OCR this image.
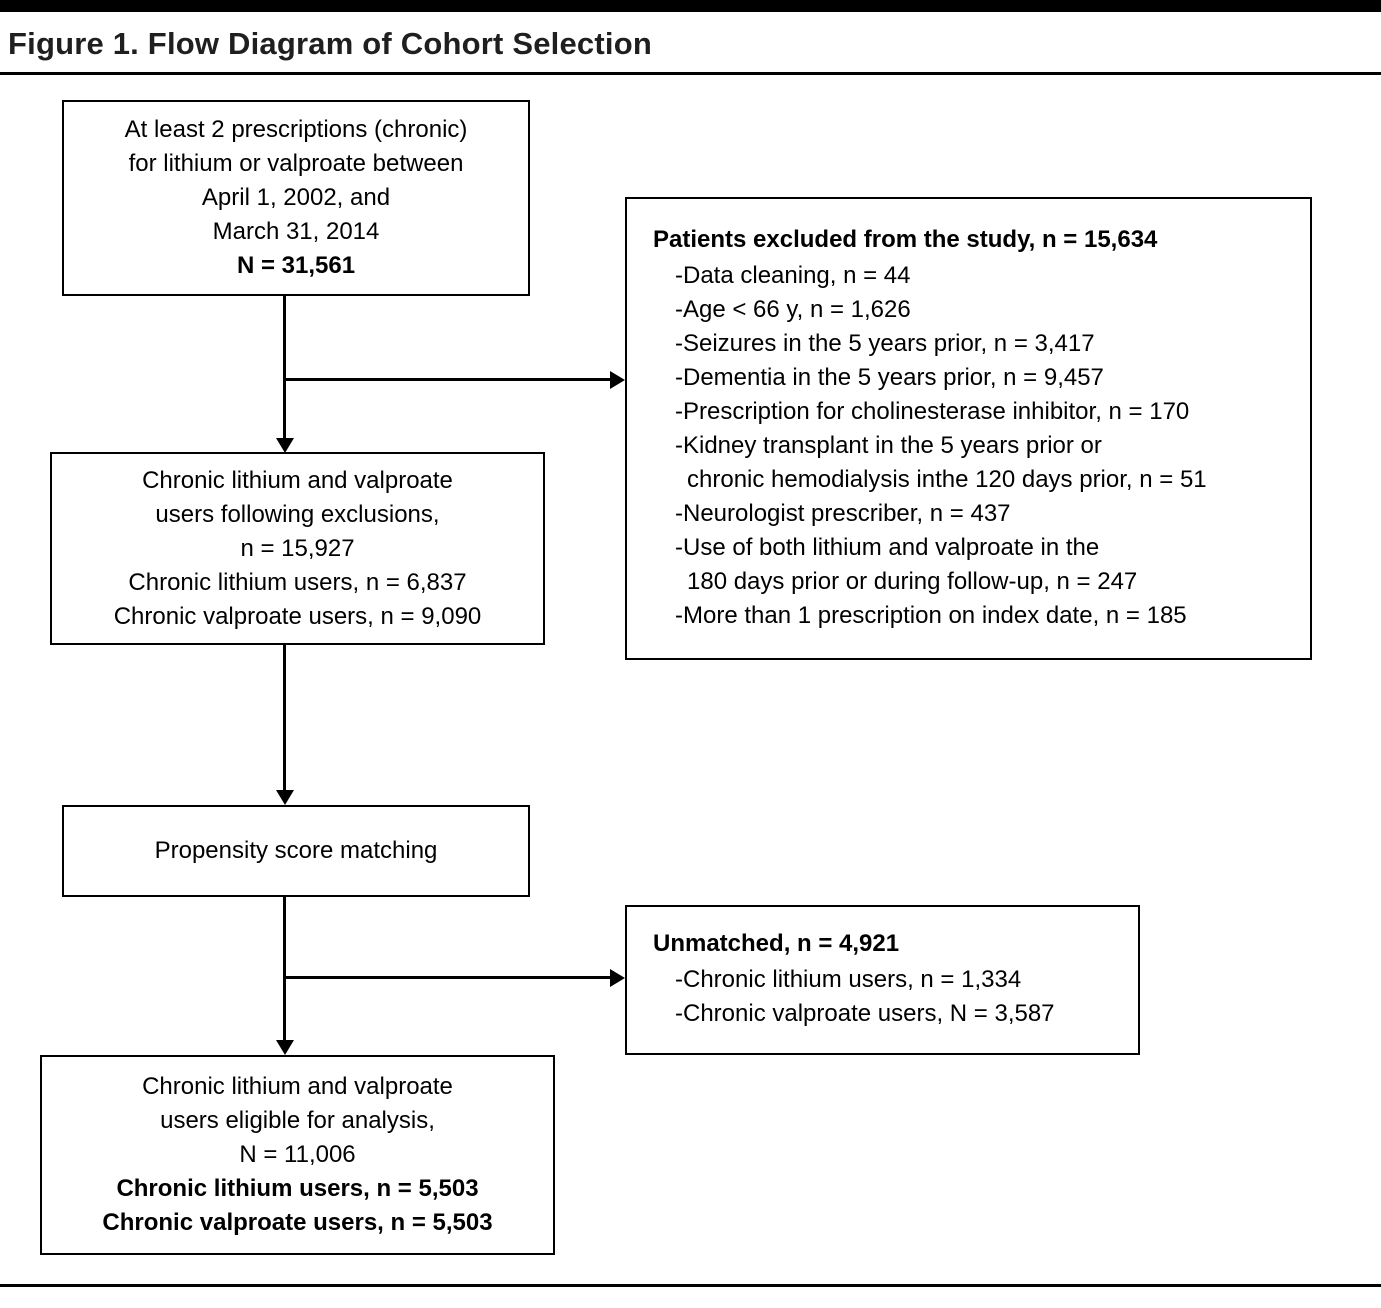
Figure 1. Flow Diagram of Cohort Selection
At least 2 prescriptions (chronic)
for lithium or valproate between
April 1, 2002, and
March 31, 2014
N = 31,561
Patients excluded from the study, n = 15,634
-Data cleaning, n = 44
-Age < 66 y, n = 1,626
-Seizures in the 5 years prior, n = 3,417
-Dementia in the 5 years prior, n = 9,457
-Prescription for cholinesterase inhibitor, n = 170
-Kidney transplant in the 5 years prior or
chronic hemodialysis inthe 120 days prior, n = 51
-Neurologist prescriber, n = 437
-Use of both lithium and valproate in the
180 days prior or during follow-up, n = 247
-More than 1 prescription on index date, n = 185
Chronic lithium and valproate
users following exclusions,
n = 15,927
Chronic lithium users, n = 6,837
Chronic valproate users, n = 9,090
Propensity score matching
Unmatched, n = 4,921
-Chronic lithium users, n = 1,334
-Chronic valproate users, N = 3,587
Chronic lithium and valproate
users eligible for analysis,
N = 11,006
Chronic lithium users, n = 5,503
Chronic valproate users, n = 5,503
